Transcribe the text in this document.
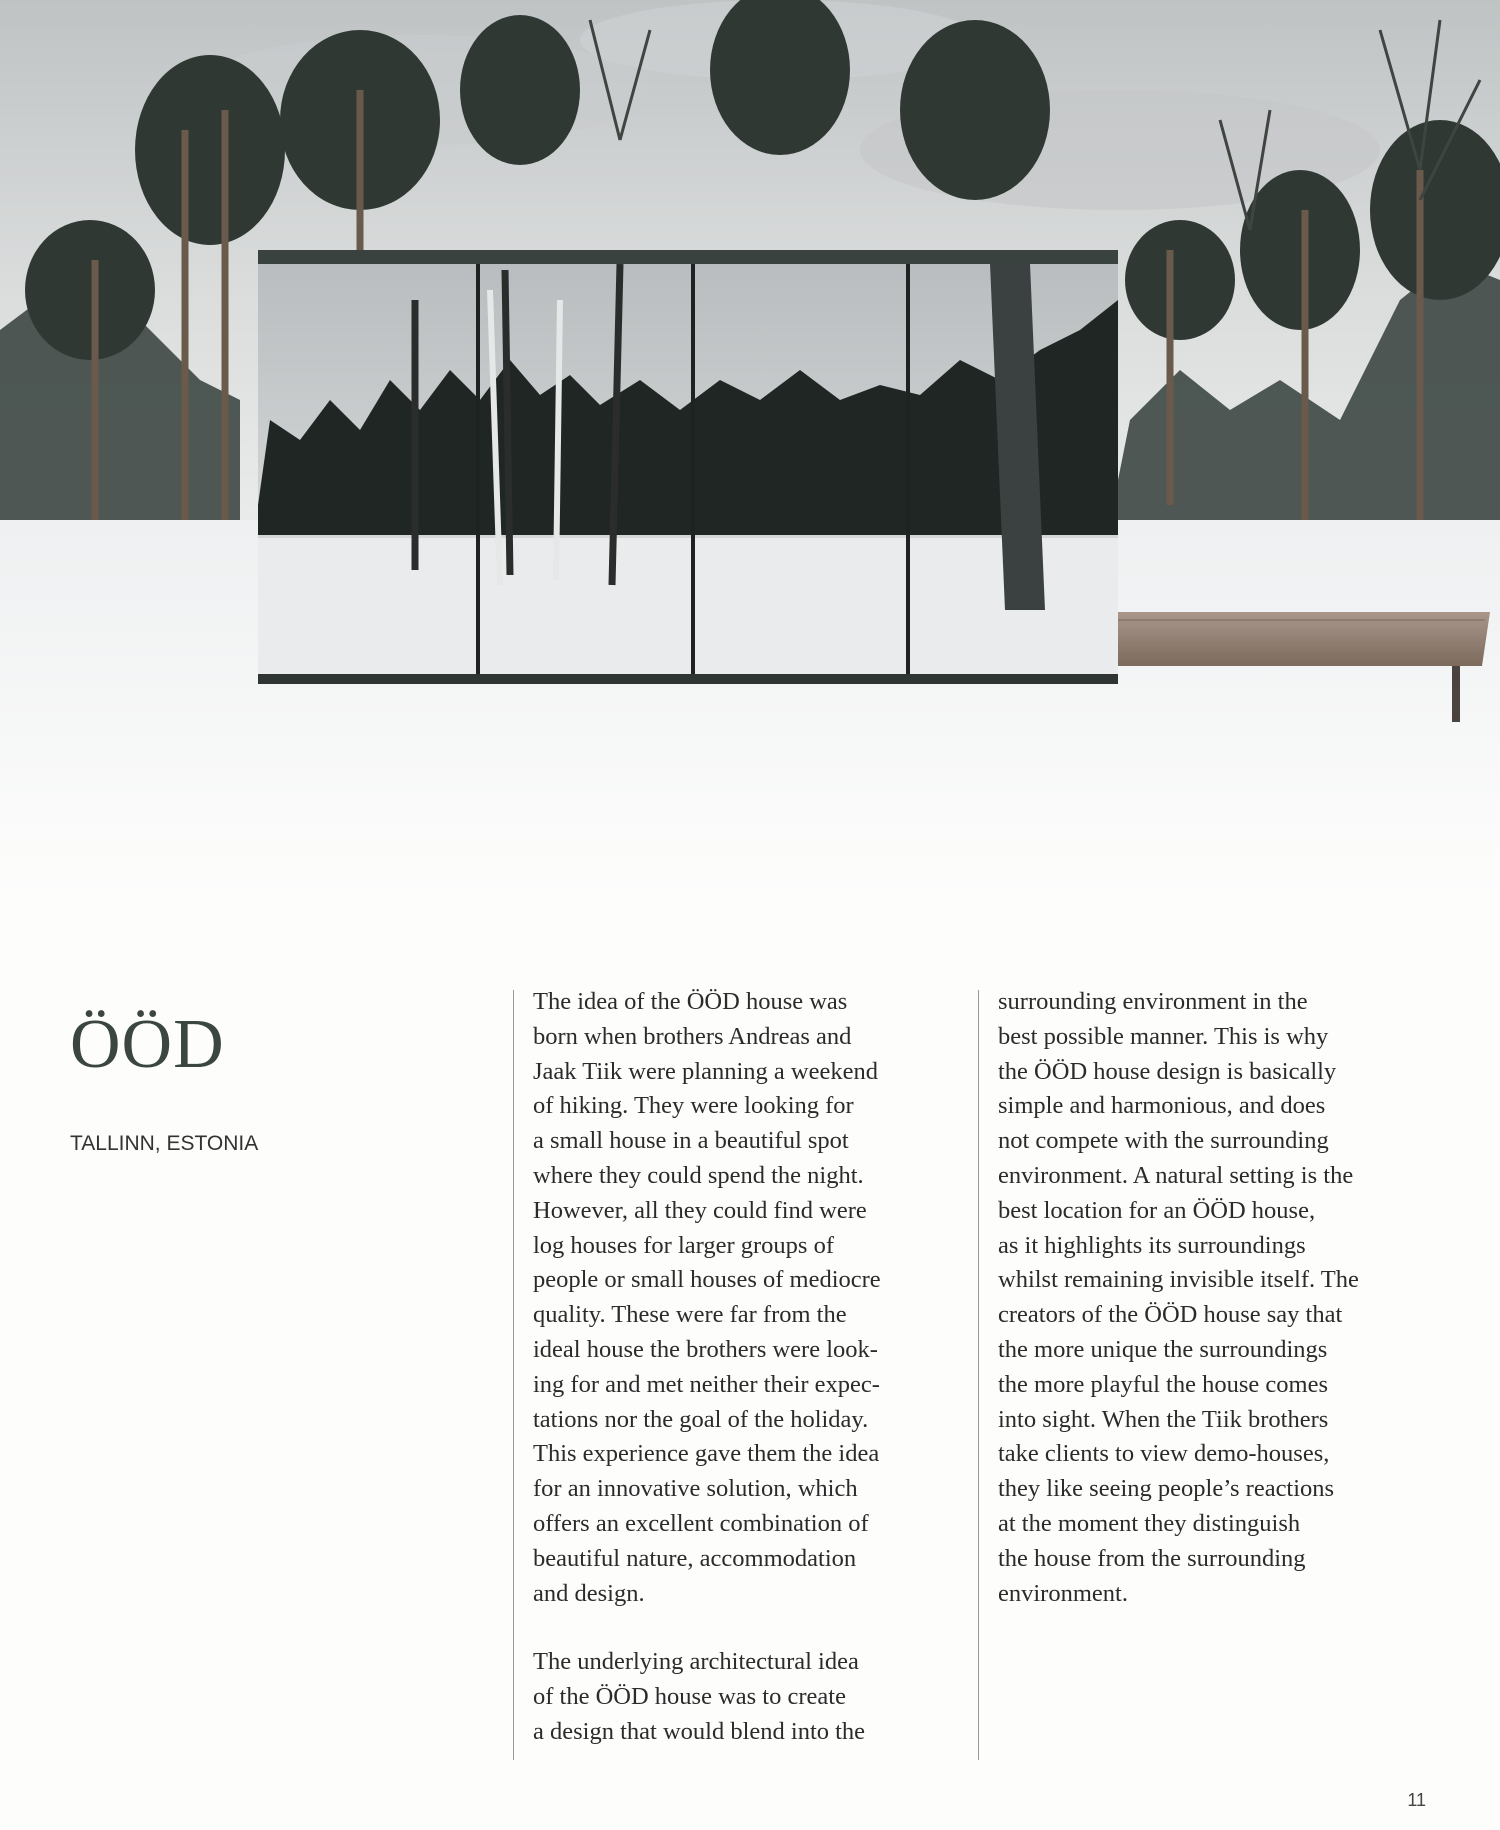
ÖÖD
TALLINN, ESTONIA

The idea of the ÖÖD house was
born when brothers Andreas and
Jaak Tiik were planning a weekend
of hiking. They were looking for
a small house in a beautiful spot
where they could spend the night.
However, all they could find were
log houses for larger groups of
people or small houses of mediocre
quality. These were far from the
ideal house the brothers were look-
ing for and met neither their expec-
tations nor the goal of the holiday.
This experience gave them the idea
for an innovative solution, which
offers an excellent combination of
beautiful nature, accommodation
and design.

The underlying architectural idea
of the ÖÖD house was to create
a design that would blend into the

surrounding environment in the
best possible manner. This is why
the ÖÖD house design is basically
simple and harmonious, and does
not compete with the surrounding
environment. A natural setting is the
best location for an ÖÖD house,
as it highlights its surroundings
whilst remaining invisible itself. The
creators of the ÖÖD house say that
the more unique the surroundings
the more playful the house comes
into sight. When the Tiik brothers
take clients to view demo-houses,
they like seeing people’s reactions
at the moment they distinguish
the house from the surrounding
environment.

11
